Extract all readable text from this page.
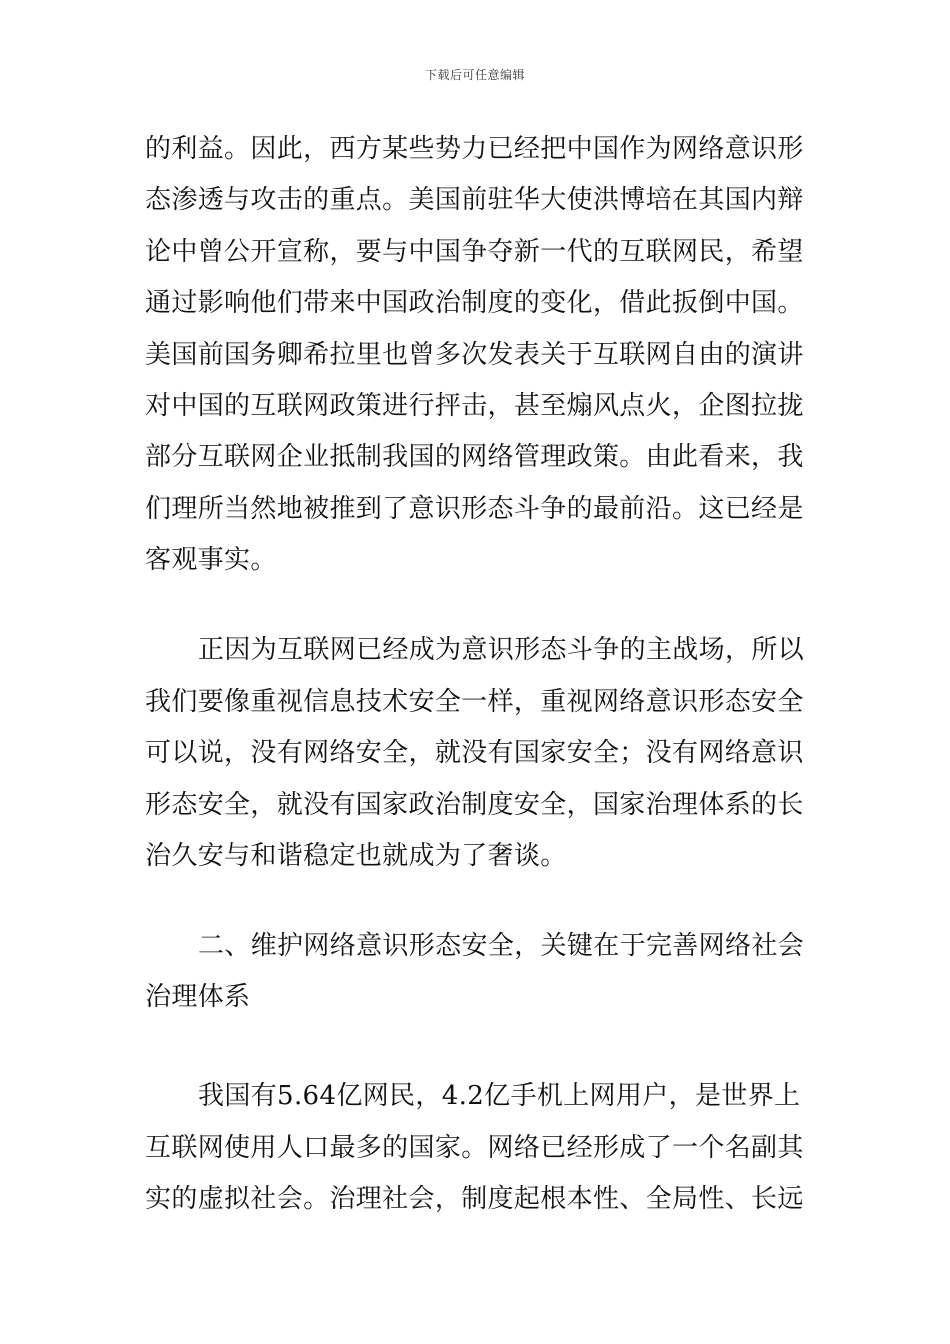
下载后可任意编辑
的利益。因此，西方某些势力已经把中国作为网络意识形
态渗透与攻击的重点。美国前驻华大使洪博培在其国内辩
论中曾公开宣称，要与中国争夺新一代的互联网民，希望
通过影响他们带来中国政治制度的变化，借此扳倒中国。
美国前国务卿希拉里也曾多次发表关于互联网自由的演讲
对中国的互联网政策进行抨击，甚至煽风点火，企图拉拢
部分互联网企业抵制我国的网络管理政策。由此看来，我
们理所当然地被推到了意识形态斗争的最前沿。这已经是
客观事实。
正因为互联网已经成为意识形态斗争的主战场，所以
我们要像重视信息技术安全一样，重视网络意识形态安全
可以说，没有网络安全，就没有国家安全；没有网络意识
形态安全，就没有国家政治制度安全，国家治理体系的长
治久安与和谐稳定也就成为了奢谈。
二、维护网络意识形态安全，关键在于完善网络社会
治理体系
我国有5.64亿网民，4.2亿手机上网用户，是世界上
互联网使用人口最多的国家。网络已经形成了一个名副其
实的虚拟社会。治理社会，制度起根本性、全局性、长远
